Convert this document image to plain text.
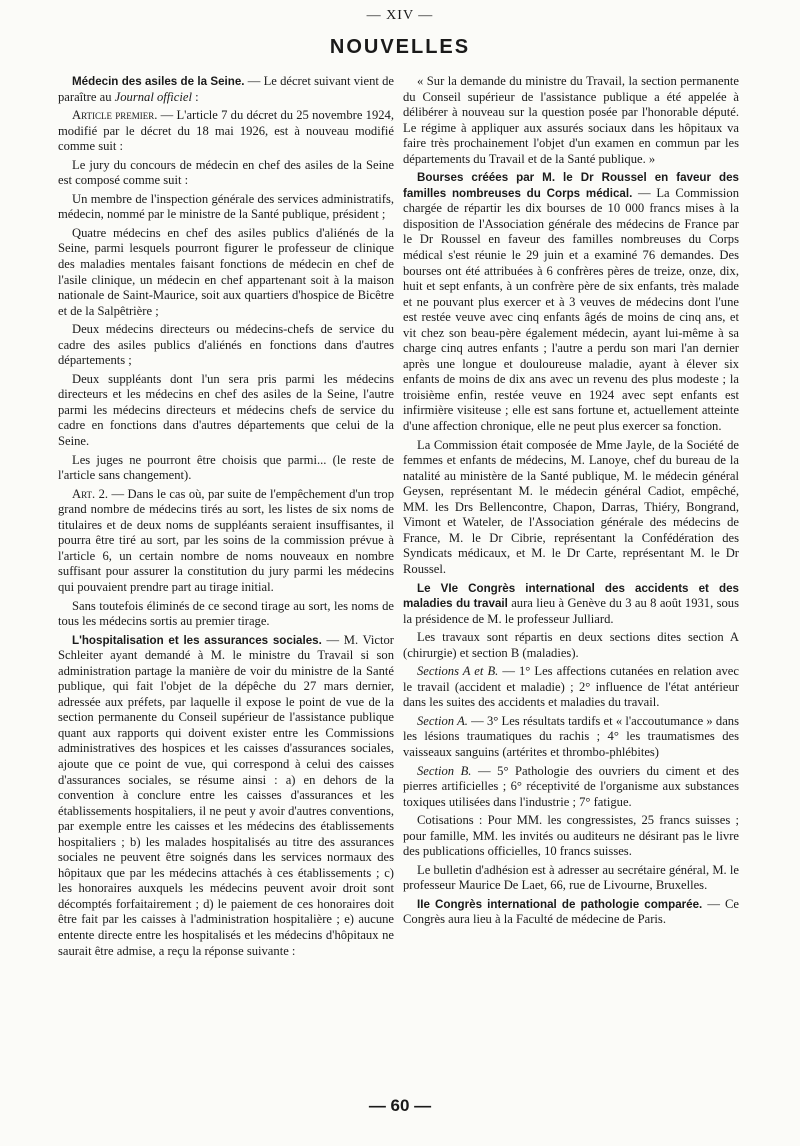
— XIV —
NOUVELLES

Médecin des asiles de la Seine. — Le décret suivant vient de paraître au Journal officiel :

Article premier. — L'article 7 du décret du 25 novembre 1924, modifié par le décret du 18 mai 1926, est à nouveau modifié comme suit :

Le jury du concours de médecin en chef des asiles de la Seine est composé comme suit :

Un membre de l'inspection générale des services administratifs, médecin, nommé par le ministre de la Santé publique, président ;

Quatre médecins en chef des asiles publics d'aliénés de la Seine, parmi lesquels pourront figurer le professeur de clinique des maladies mentales faisant fonctions de médecin en chef de l'asile clinique, un médecin en chef appartenant soit à la maison nationale de Saint-Maurice, soit aux quartiers d'hospice de Bicêtre et de la Salpêtrière ;

Deux médecins directeurs ou médecins-chefs de service du cadre des asiles publics d'aliénés en fonctions dans d'autres départements ;

Deux suppléants dont l'un sera pris parmi les médecins directeurs et les médecins en chef des asiles de la Seine, l'autre parmi les médecins directeurs et médecins chefs de service du cadre en fonctions dans d'autres départements que celui de la Seine.

Les juges ne pourront être choisis que parmi... (le reste de l'article sans changement).

Art. 2. — Dans le cas où, par suite de l'empêchement d'un trop grand nombre de médecins tirés au sort, les listes de six noms de titulaires et de deux noms de suppléants seraient insuffisantes, il pourra être tiré au sort, par les soins de la commission prévue à l'article 6, un certain nombre de noms nouveaux en nombre suffisant pour assurer la constitution du jury parmi les médecins qui pouvaient prendre part au tirage initial.

Sans toutefois éliminés de ce second tirage au sort, les noms de tous les médecins sortis au premier tirage.

L'hospitalisation et les assurances sociales. — M. Victor Schleiter ayant demandé à M. le ministre du Travail si son administration partage la manière de voir du ministre de la Santé publique, qui fait l'objet de la dépêche du 27 mars dernier, adressée aux préfets, par laquelle il expose le point de vue de la section permanente du Conseil supérieur de l'assistance publique quant aux rapports qui doivent exister entre les Commissions administratives des hospices et les caisses d'assurances sociales, ajoute que ce point de vue, qui correspond à celui des caisses d'assurances sociales, se résume ainsi : a) en dehors de la convention à conclure entre les caisses d'assurances et les établissements hospitaliers, il ne peut y avoir d'autres conventions, par exemple entre les caisses et les médecins des établissements hospitaliers ; b) les malades hospitalisés au titre des assurances sociales ne peuvent être soignés dans les services normaux des hôpitaux que par les médecins attachés à ces établissements ; c) les honoraires auxquels les médecins peuvent avoir droit sont décomptés forfaitairement ; d) le paiement de ces honoraires doit être fait par les caisses à l'administration hospitalière ; e) aucune entente directe entre les hospitalisés et les médecins d'hôpitaux ne saurait être admise, a reçu la réponse suivante :

« Sur la demande du ministre du Travail, la section permanente du Conseil supérieur de l'assistance publique a été appelée à délibérer à nouveau sur la question posée par l'honorable député. Le régime à appliquer aux assurés sociaux dans les hôpitaux va faire très prochainement l'objet d'un examen en commun par les départements du Travail et de la Santé publique. »

Bourses créées par M. le Dr Roussel en faveur des familles nombreuses du Corps médical. — La Commission chargée de répartir les dix bourses de 10 000 francs mises à la disposition de l'Association générale des médecins de France par le Dr Roussel en faveur des familles nombreuses du Corps médical s'est réunie le 29 juin et a examiné 76 demandes. Des bourses ont été attribuées à 6 confrères pères de treize, onze, dix, huit et sept enfants, à un confrère père de six enfants, très malade et ne pouvant plus exercer et à 3 veuves de médecins dont l'une est restée veuve avec cinq enfants âgés de moins de cinq ans, et vit chez son beau-père également médecin, ayant lui-même à sa charge cinq autres enfants ; l'autre a perdu son mari l'an dernier après une longue et douloureuse maladie, ayant à élever six enfants de moins de dix ans avec un revenu des plus modeste ; la troisième enfin, restée veuve en 1924 avec sept enfants est infirmière visiteuse ; elle est sans fortune et, actuellement atteinte d'une affection chronique, elle ne peut plus exercer sa fonction.

La Commission était composée de Mme Jayle, de la Société de femmes et enfants de médecins, M. Lanoye, chef du bureau de la natalité au ministère de la Santé publique, M. le médecin général Geysen, représentant M. le médecin général Cadiot, empêché, MM. les Drs Bellencontre, Chapon, Darras, Thiéry, Bongrand, Vimont et Wateler, de l'Association générale des médecins de France, M. le Dr Cibrie, représentant la Confédération des Syndicats médicaux, et M. le Dr Carte, représentant M. le Dr Roussel.

Le VIe Congrès international des accidents et des maladies du travail aura lieu à Genève du 3 au 8 août 1931, sous la présidence de M. le professeur Julliard.

Les travaux sont répartis en deux sections dites section A (chirurgie) et section B (maladies).

Sections A et B. — 1° Les affections cutanées en relation avec le travail (accident et maladie) ; 2° influence de l'état antérieur dans les suites des accidents et maladies du travail.

Section A. — 3° Les résultats tardifs et « l'accoutumance » dans les lésions traumatiques du rachis ; 4° les traumatismes des vaisseaux sanguins (artérites et thrombo-phlébites)

Section B. — 5° Pathologie des ouvriers du ciment et des pierres artificielles ; 6° réceptivité de l'organisme aux substances toxiques utilisées dans l'industrie ; 7° fatigue.

Cotisations : Pour MM. les congressistes, 25 francs suisses ; pour famille, MM. les invités ou auditeurs ne désirant pas le livre des publications officielles, 10 francs suisses.

Le bulletin d'adhésion est à adresser au secrétaire général, M. le professeur Maurice De Laet, 66, rue de Livourne, Bruxelles.

IIe Congrès international de pathologie comparée. — Ce Congrès aura lieu à la Faculté de médecine de Paris.

— 60 —
